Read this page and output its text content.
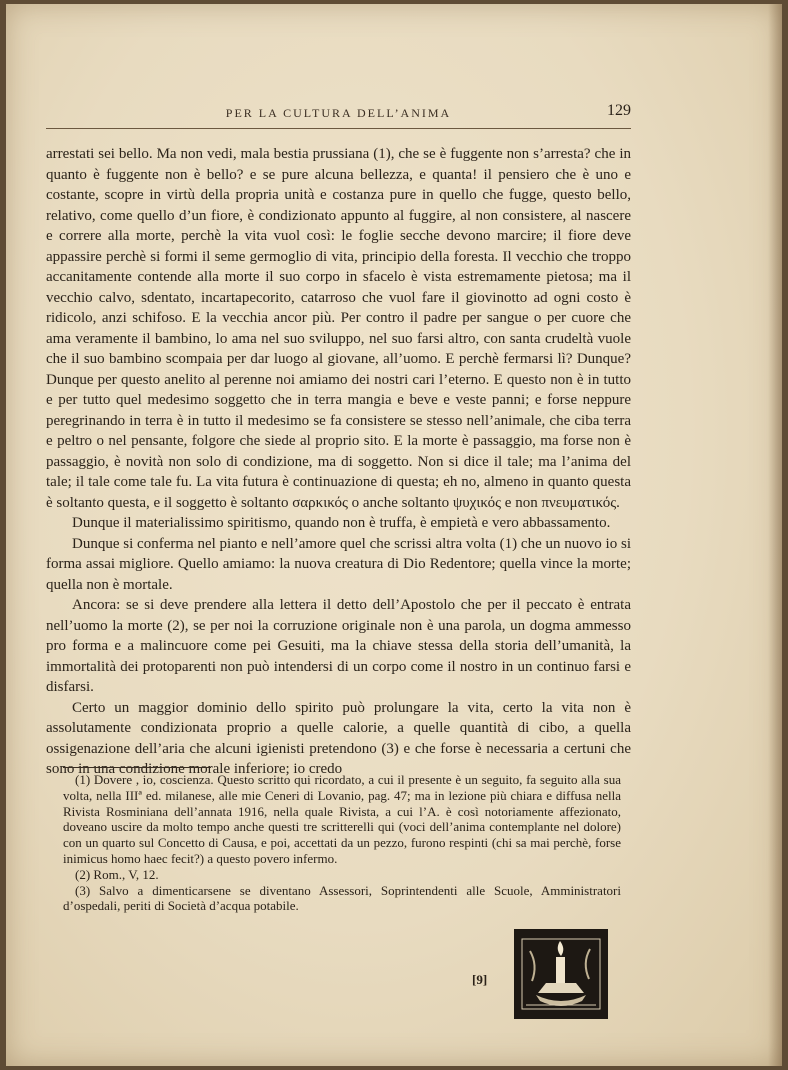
PER LA CULTURA DELL’ANIMA	129

arrestati sei bello. Ma non vedi, mala bestia prussiana (1), che se è fuggente non s’arresta? che in quanto è fuggente non è bello? e se pure alcuna bellezza, e quanta! il pensiero che è uno e costante, scopre in virtù della propria unità e costanza pure in quello che fugge, questo bello, relativo, come quello d’un fiore, è condizionato appunto al fuggire, al non consistere, al nascere e correre alla morte, perchè la vita vuol così: le foglie secche devono marcire; il fiore deve appassire perchè si formi il seme germoglio di vita, principio della foresta. Il vecchio che troppo accanitamente contende alla morte il suo corpo in sfacelo è vista estremamente pietosa; ma il vecchio calvo, sdentato, incartapecorito, catarroso che vuol fare il giovinotto ad ogni costo è ridicolo, anzi schifoso. E la vecchia ancor più. Per contro il padre per sangue o per cuore che ama veramente il bambino, lo ama nel suo sviluppo, nel suo farsi altro, con santa crudeltà vuole che il suo bambino scompaia per dar luogo al giovane, all’uomo. E perchè fermarsi lì? Dunque? Dunque per questo anelito al perenne noi amiamo dei nostri cari l’eterno. E questo non è in tutto e per tutto quel medesimo soggetto che in terra mangia e beve e veste panni; e forse neppure peregrinando in terra è in tutto il medesimo se fa consistere se stesso nell’animale, che ciba terra e peltro o nel pensante, folgore che siede al proprio sito. E la morte è passaggio, ma forse non è passaggio, è novità non solo di condizione, ma di soggetto. Non si dice il tale; ma l’anima del tale; il tale come tale fu. La vita futura è continuazione di questa; eh no, almeno in quanto questa è soltanto questa, e il soggetto è soltanto σαρκικός o anche soltanto ψυχικός e non πνευματικός.

Dunque il materialissimo spiritismo, quando non è truffa, è empietà e vero abbassamento.

Dunque si conferma nel pianto e nell’amore quel che scrissi altra volta (1) che un nuovo io si forma assai migliore. Quello amiamo: la nuova creatura di Dio Redentore; quella vince la morte; quella non è mortale.

Ancora: se si deve prendere alla lettera il detto dell’Apostolo che per il peccato è entrata nell’uomo la morte (2), se per noi la corruzione originale non è una parola, un dogma ammesso pro forma e a malincuore come pei Gesuiti, ma la chiave stessa della storia dell’umanità, la immortalità dei protoparenti non può intendersi di un corpo come il nostro in un continuo farsi e disfarsi.

Certo un maggior dominio dello spirito può prolungare la vita, certo la vita non è assolutamente condizionata proprio a quelle calorie, a quelle quantità di cibo, a quella ossigenazione dell’aria che alcuni igienisti pretendono (3) e che forse è necessaria a certuni che sono in una condizione morale inferiore; io credo

(1) Dovere , io, coscienza. Questo scritto qui ricordato, a cui il presente è un seguito, fa seguito alla sua volta, nella IIIª ed. milanese, alle mie Ceneri di Lovanio, pag. 47; ma in lezione più chiara e diffusa nella Rivista Rosminiana dell’annata 1916, nella quale Rivista, a cui l’A. è così notoriamente affezionato, doveano uscire da molto tempo anche questi tre scritterelli qui (voci dell’anima contemplante nel dolore) con un quarto sul Concetto di Causa, e poi, accettati da un pezzo, furono respinti (chi sa mai perchè, forse inimicus homo haec fecit?) a questo povero infermo.

(2) Rom., V, 12.

(3) Salvo a dimenticarsene se diventano Assessori, Soprintendenti alle Scuole, Amministratori d’ospedali, periti di Società d’acqua potabile.

[9]
